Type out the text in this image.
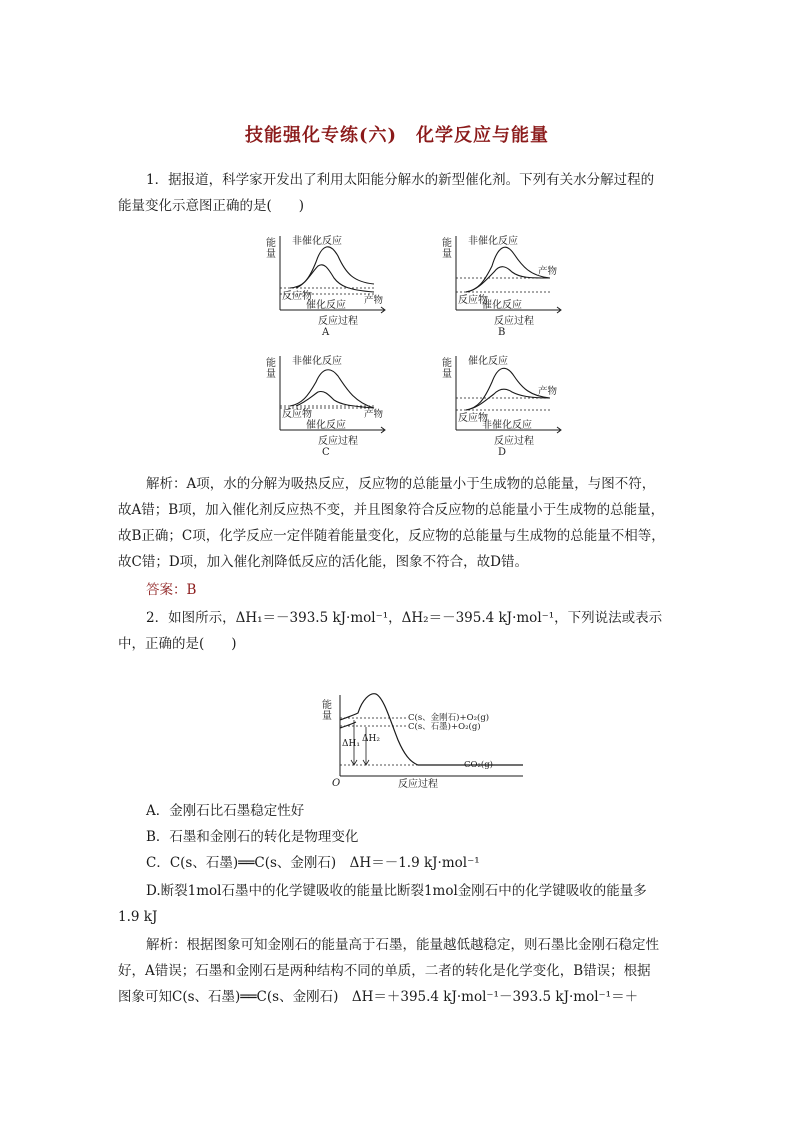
技能强化专练(六)　化学反应与能量
1．据报道，科学家开发出了利用太阳能分解水的新型催化剂。下列有关水分解过程的
能量变化示意图正确的是(　　)
能
量
非催化反应
反应物
催化反应 产物
反应过程
A
能
量
非催化反应
反应物
催化反应
产物
反应过程
B
能
量
非催化反应
反应物
催化反应
产物
反应过程
C
能
量
催化反应
反应物
非催化反应
产物
反应过程
D
解析：A项，水的分解为吸热反应，反应物的总能量小于生成物的总能量，与图不符，
故A错；B项，加入催化剂反应热不变，并且图象符合反应物的总能量小于生成物的总能量，
故B正确；C项，化学反应一定伴随着能量变化，反应物的总能量与生成物的总能量不相等，
故C错；D项，加入催化剂降低反应的活化能，图象不符合，故D错。
答案：B
2．如图所示，ΔH₁＝－393.5 kJ·mol⁻¹，ΔH₂＝－395.4 kJ·mol⁻¹，下列说法或表示
中，正确的是(　　)
能
量
ΔH₁ ΔH₂
C(s、金刚石)+O₂(g)
C(s、石墨)+O₂(g)
CO₂(g)
O	反应过程
A．金刚石比石墨稳定性好
B．石墨和金刚石的转化是物理变化
C．C(s、石墨)══C(s、金刚石)　ΔH＝－1.9 kJ·mol⁻¹
D.断裂1mol石墨中的化学键吸收的能量比断裂1mol金刚石中的化学键吸收的能量多
1.9 kJ
解析：根据图象可知金刚石的能量高于石墨，能量越低越稳定，则石墨比金刚石稳定性
好，A错误；石墨和金刚石是两种结构不同的单质，二者的转化是化学变化，B错误；根据
图象可知C(s、石墨)══C(s、金刚石)　ΔH＝＋395.4 kJ·mol⁻¹－393.5 kJ·mol⁻¹＝＋
